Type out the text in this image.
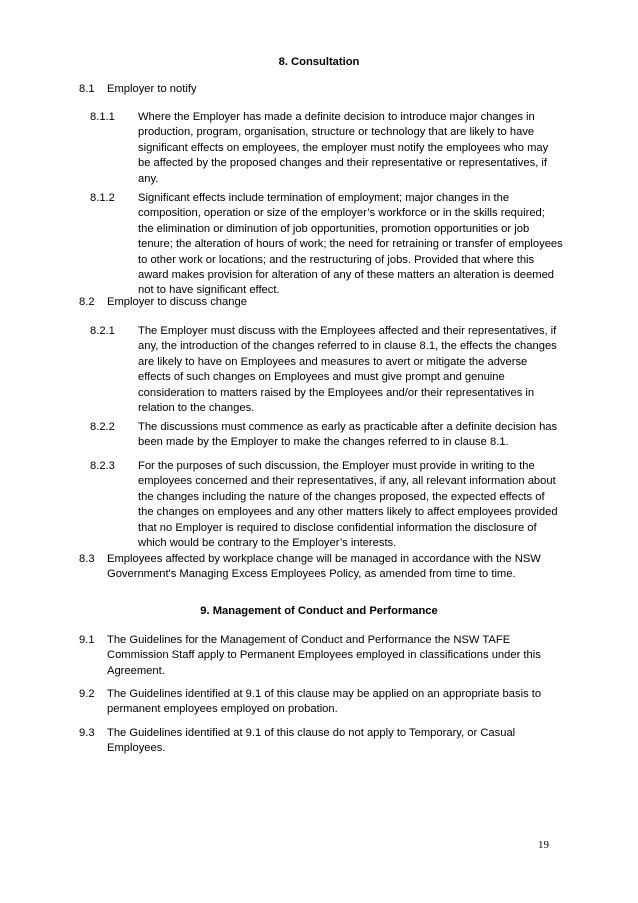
8. Consultation
8.1 Employer to notify
8.1.1 Where the Employer has made a definite decision to introduce major changes in production, program, organisation, structure or technology that are likely to have significant effects on employees, the employer must notify the employees who may be affected by the proposed changes and their representative or representatives, if any.
8.1.2 Significant effects include termination of employment; major changes in the composition, operation or size of the employer’s workforce or in the skills required; the elimination or diminution of job opportunities, promotion opportunities or job tenure; the alteration of hours of work; the need for retraining or transfer of employees to other work or locations; and the restructuring of jobs. Provided that where this award makes provision for alteration of any of these matters an alteration is deemed not to have significant effect.
8.2 Employer to discuss change
8.2.1 The Employer must discuss with the Employees affected and their representatives, if any, the introduction of the changes referred to in clause 8.1, the effects the changes are likely to have on Employees and measures to avert or mitigate the adverse effects of such changes on Employees and must give prompt and genuine consideration to matters raised by the Employees and/or their representatives in relation to the changes.
8.2.2 The discussions must commence as early as practicable after a definite decision has been made by the Employer to make the changes referred to in clause 8.1.
8.2.3 For the purposes of such discussion, the Employer must provide in writing to the employees concerned and their representatives, if any, all relevant information about the changes including the nature of the changes proposed, the expected effects of the changes on employees and any other matters likely to affect employees provided that no Employer is required to disclose confidential information the disclosure of which would be contrary to the Employer’s interests.
8.3 Employees affected by workplace change will be managed in accordance with the NSW Government's Managing Excess Employees Policy, as amended from time to time.
9. Management of Conduct and Performance
9.1 The Guidelines for the Management of Conduct and Performance the NSW TAFE Commission Staff apply to Permanent Employees employed in classifications under this Agreement.
9.2 The Guidelines identified at 9.1 of this clause may be applied on an appropriate basis to permanent employees employed on probation.
9.3 The Guidelines identified at 9.1 of this clause do not apply to Temporary, or Casual Employees.
19
